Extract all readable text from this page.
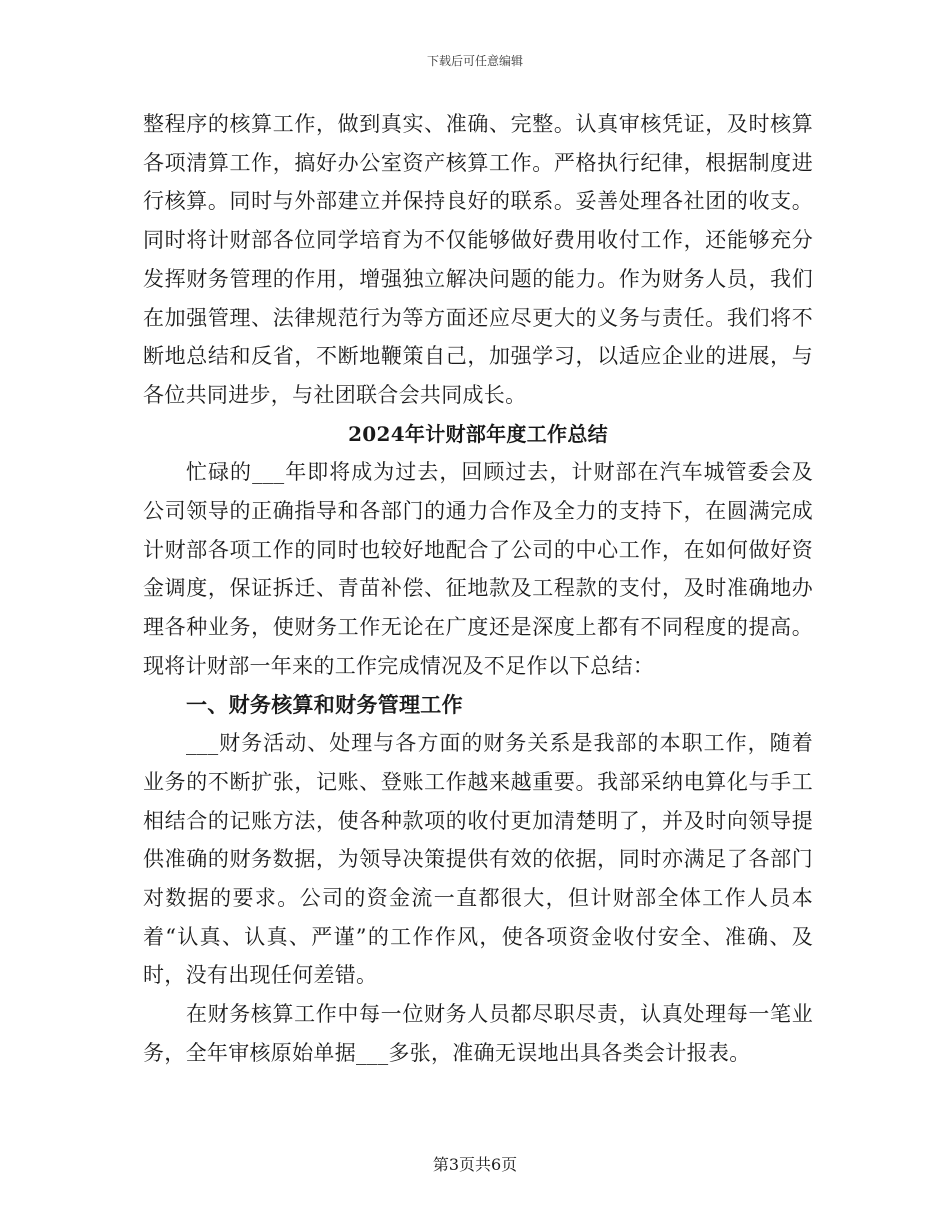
下载后可任意编辑

整程序的核算工作，做到真实、准确、完整。认真审核凭证，及时核算各项清算工作，搞好办公室资产核算工作。严格执行纪律，根据制度进行核算。同时与外部建立并保持良好的联系。妥善处理各社团的收支。同时将计财部各位同学培育为不仅能够做好费用收付工作，还能够充分发挥财务管理的作用，增强独立解决问题的能力。作为财务人员，我们在加强管理、法律规范行为等方面还应尽更大的义务与责任。我们将不断地总结和反省，不断地鞭策自己，加强学习，以适应企业的进展，与各位共同进步，与社团联合会共同成长。

2024年计财部年度工作总结

忙碌的___年即将成为过去，回顾过去，计财部在汽车城管委会及公司领导的正确指导和各部门的通力合作及全力的支持下，在圆满完成计财部各项工作的同时也较好地配合了公司的中心工作，在如何做好资金调度，保证拆迁、青苗补偿、征地款及工程款的支付，及时准确地办理各种业务，使财务工作无论在广度还是深度上都有不同程度的提高。现将计财部一年来的工作完成情况及不足作以下总结：

一、财务核算和财务管理工作

___财务活动、处理与各方面的财务关系是我部的本职工作，随着业务的不断扩张，记账、登账工作越来越重要。我部采纳电算化与手工相结合的记账方法，使各种款项的收付更加清楚明了，并及时向领导提供准确的财务数据，为领导决策提供有效的依据，同时亦满足了各部门对数据的要求。公司的资金流一直都很大，但计财部全体工作人员本着“认真、认真、严谨”的工作作风，使各项资金收付安全、准确、及时，没有出现任何差错。

在财务核算工作中每一位财务人员都尽职尽责，认真处理每一笔业务，全年审核原始单据___多张，准确无误地出具各类会计报表。

第3页共6页
